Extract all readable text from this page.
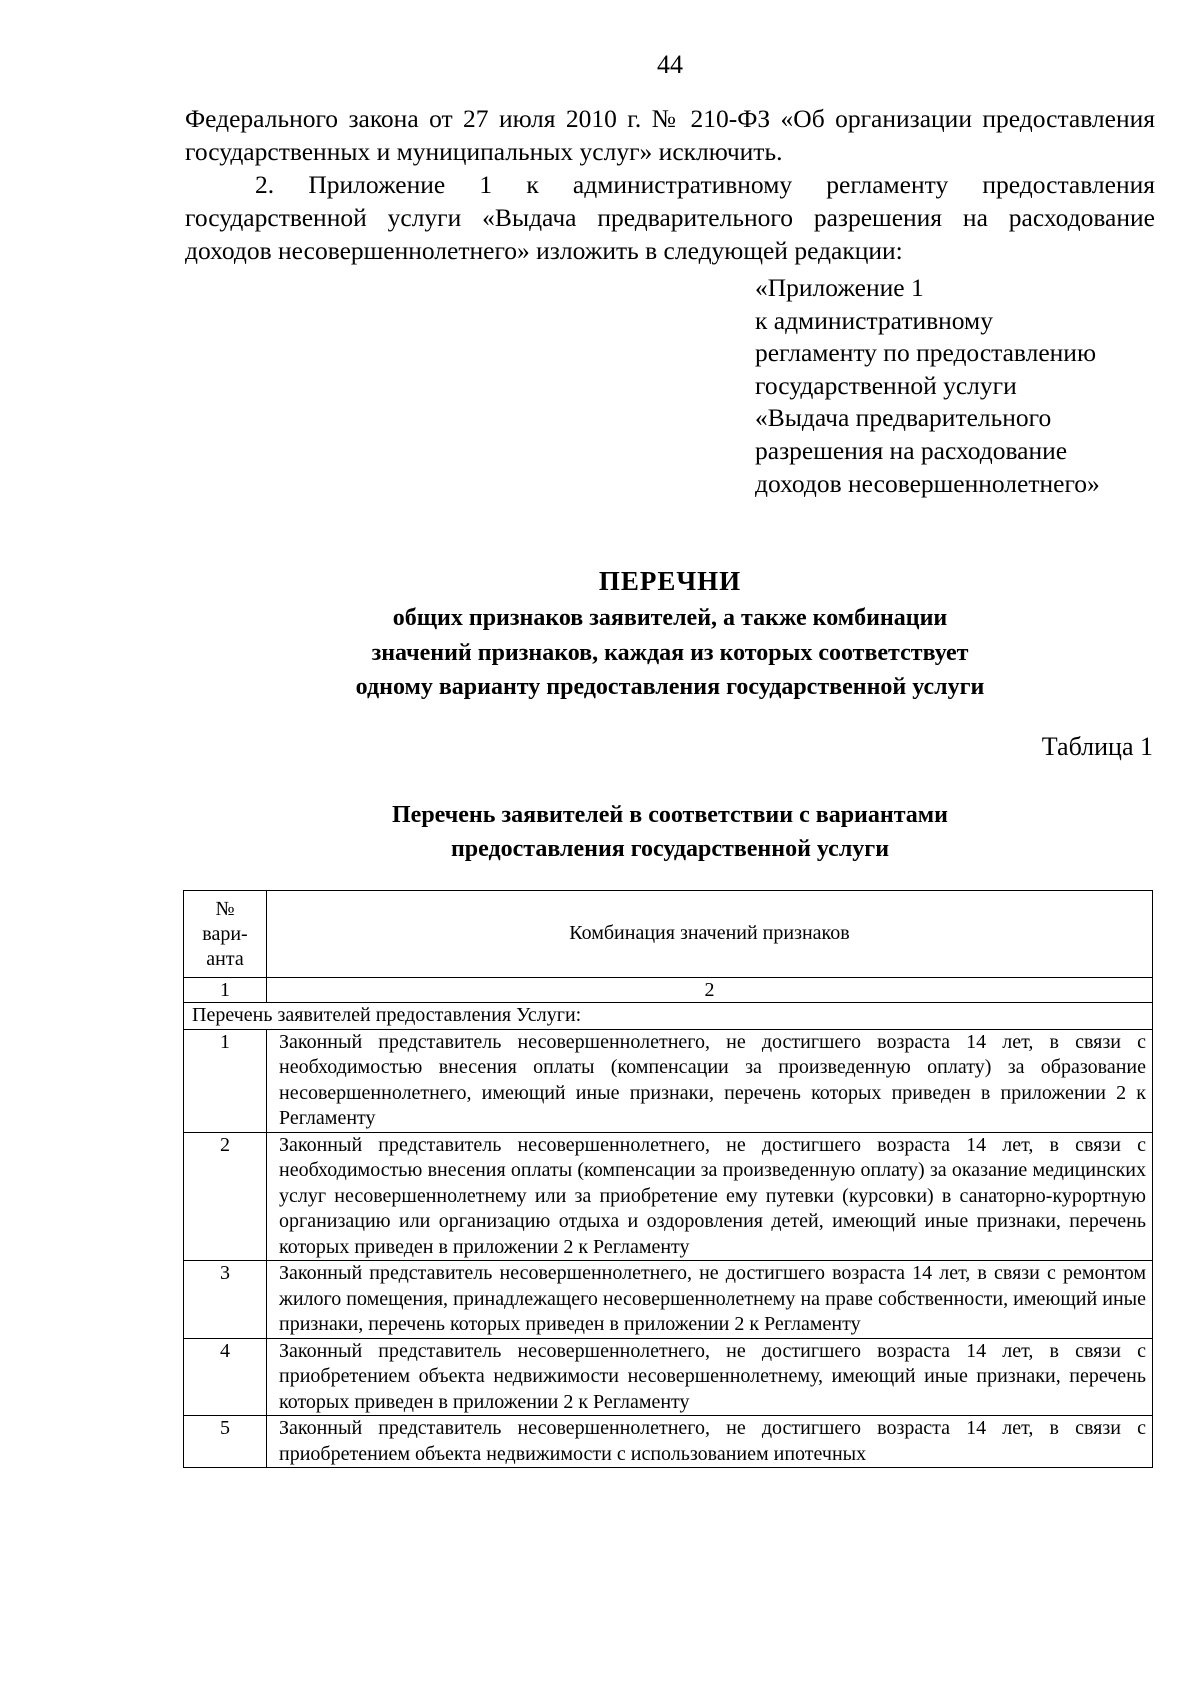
44

Федерального закона от 27 июля 2010 г. № 210-ФЗ «Об организации предоставления государственных и муниципальных услуг» исключить.

2. Приложение 1 к административному регламенту предоставления государственной услуги «Выдача предварительного разрешения на расходование доходов несовершеннолетнего» изложить в следующей редакции:

«Приложение 1
к административному
регламенту по предоставлению
государственной услуги
«Выдача предварительного
разрешения на расходование
доходов несовершеннолетнего»
ПЕРЕЧНИ
общих признаков заявителей, а также комбинации
значений признаков, каждая из которых соответствует
одному варианту предоставления государственной услуги
Таблица 1
Перечень заявителей в соответствии с вариантами
предоставления государственной услуги
№
вари-
анта	Комбинация значений признаков
1	2
Перечень заявителей предоставления Услуги:	
1	Законный представитель несовершеннолетнего, не достигшего возраста 14 лет, в связи с необходимостью внесения оплаты (компенсации за произведенную оплату) за образование несовершеннолетнего, имеющий иные признаки, перечень которых приведен в приложении 2 к Регламенту
2	Законный представитель несовершеннолетнего, не достигшего возраста 14 лет, в связи с необходимостью внесения оплаты (компенсации за произведенную оплату) за оказание медицинских услуг несовершеннолетнему или за приобретение ему путевки (курсовки) в санаторно-курортную организацию или организацию отдыха и оздоровления детей, имеющий иные признаки, перечень которых приведен в приложении 2 к Регламенту
3	Законный представитель несовершеннолетнего, не достигшего возраста 14 лет, в связи с ремонтом жилого помещения, принадлежащего несовершеннолетнему на праве собственности, имеющий иные признаки, перечень которых приведен в приложении 2 к Регламенту
4	Законный представитель несовершеннолетнего, не достигшего возраста 14 лет, в связи с приобретением объекта недвижимости несовершеннолетнему, имеющий иные признаки, перечень которых приведен в приложении 2 к Регламенту
5	Законный представитель несовершеннолетнего, не достигшего возраста 14 лет, в связи с приобретением объекта недвижимости с использованием ипотечных
